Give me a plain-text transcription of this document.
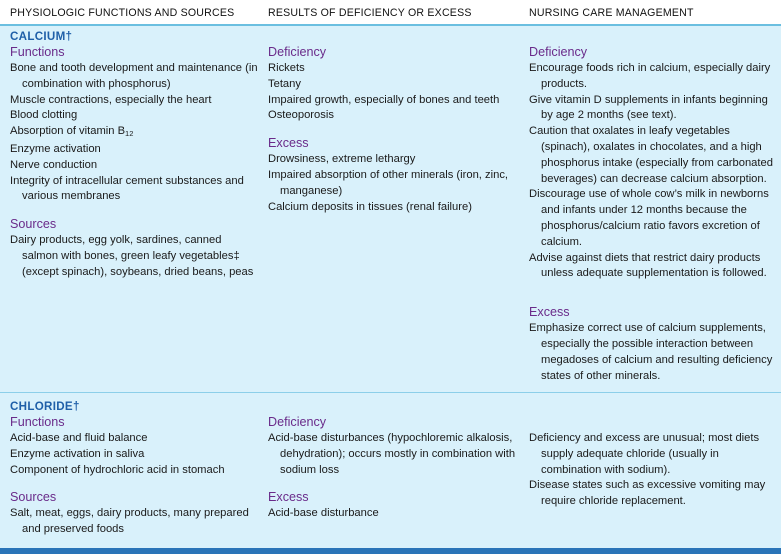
PHYSIOLOGIC FUNCTIONS AND SOURCES	RESULTS OF DEFICIENCY OR EXCESS	NURSING CARE MANAGEMENT
CALCIUM†
Functions
Bone and tooth development and maintenance (in combination with phosphorus)
Muscle contractions, especially the heart
Blood clotting
Absorption of vitamin $B_{12}$
Enzyme activation
Nerve conduction
Integrity of intracellular cement substances and various membranes
Sources
Dairy products, egg yolk, sardines, canned salmon with bones, green leafy vegetables‡ (except spinach), soybeans, dried beans, peas
Deficiency
Rickets
Tetany
Impaired growth, especially of bones and teeth
Osteoporosis
Excess
Drowsiness, extreme lethargy
Impaired absorption of other minerals (iron, zinc, manganese)
Calcium deposits in tissues (renal failure)
Deficiency
Encourage foods rich in calcium, especially dairy products.
Give vitamin D supplements in infants beginning by age 2 months (see text).
Caution that oxalates in leafy vegetables (spinach), oxalates in chocolates, and a high phosphorus intake (especially from carbonated beverages) can decrease calcium absorption.
Discourage use of whole cow’s milk in newborns and infants under 12 months because the phosphorus/calcium ratio favors excretion of calcium.
Advise against diets that restrict dairy products unless adequate supplementation is followed.
Excess
Emphasize correct use of calcium supplements, especially the possible interaction between megadoses of calcium and resulting deficiency states of other minerals.
CHLORIDE†
Functions
Acid-base and fluid balance
Enzyme activation in saliva
Component of hydrochloric acid in stomach
Sources
Salt, meat, eggs, dairy products, many prepared and preserved foods
Deficiency
Acid-base disturbances (hypochloremic alkalosis, dehydration); occurs mostly in combination with sodium loss
Excess
Acid-base disturbance
Deficiency and excess are unusual; most diets supply adequate chloride (usually in combination with sodium).
Disease states such as excessive vomiting may require chloride replacement.
